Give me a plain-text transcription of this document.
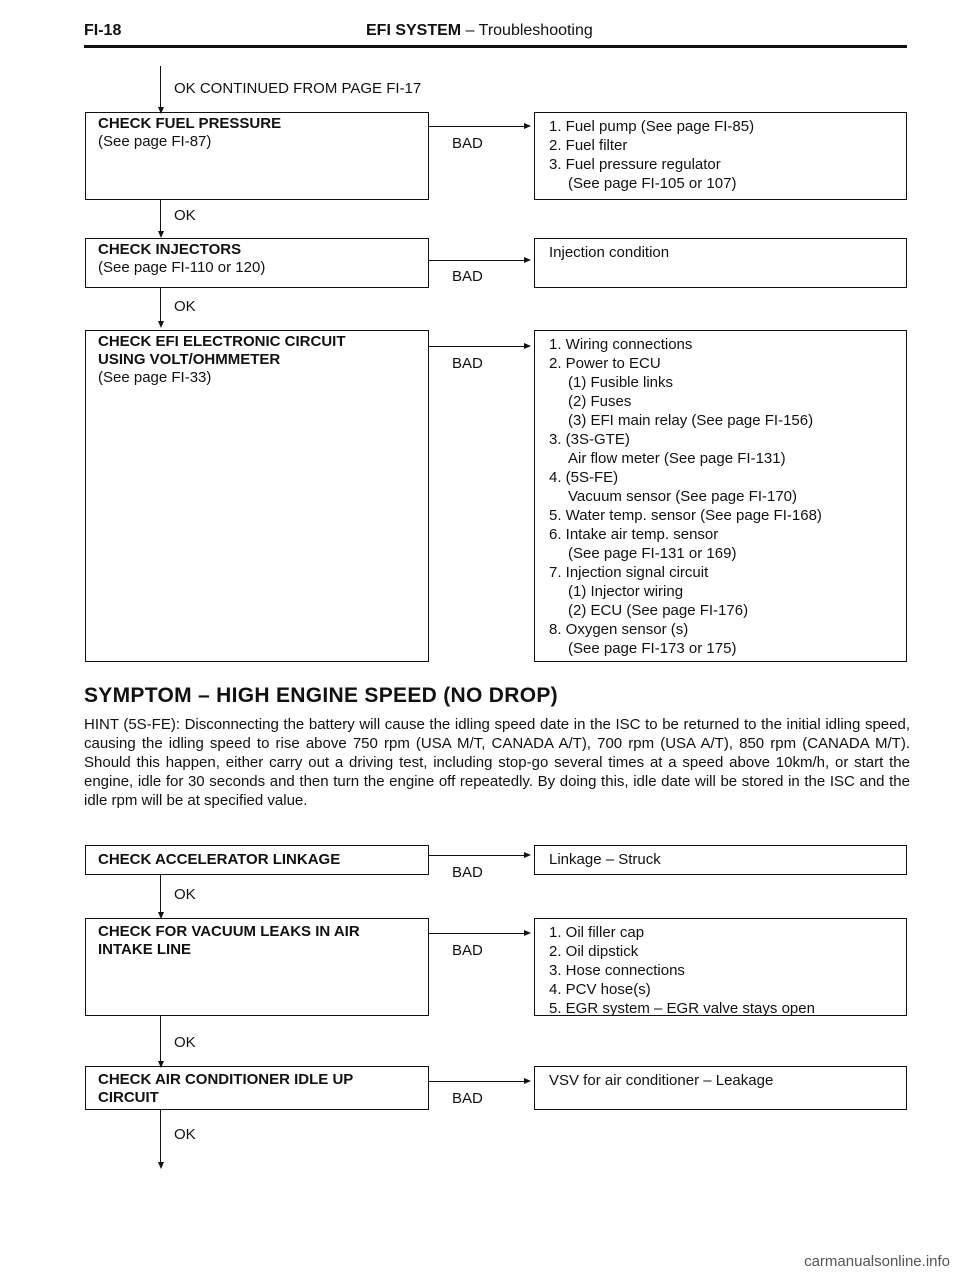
FI-18	EFI SYSTEM – Troubleshooting
OK CONTINUED FROM PAGE FI-17
CHECK FUEL PRESSURE
(See page FI-87)	BAD
1. Fuel pump (See page FI-85)
2. Fuel filter
3. Fuel pressure regulator
(See page FI-105 or 107)
OK
CHECK INJECTORS
(See page FI-110 or 120)
BAD
Injection condition
OK
CHECK EFI ELECTRONIC CIRCUIT
USING VOLT/OHMMETER
(See page FI-33)
BAD
1. Wiring connections
2. Power to ECU
(1) Fusible links
(2) Fuses
(3) EFI main relay (See page FI-156)
3. (3S-GTE)
Air flow meter (See page FI-131)
4. (5S-FE)
Vacuum sensor (See page FI-170)
5. Water temp. sensor (See page FI-168)
6. Intake air temp. sensor
(See page FI-131 or 169)
7. Injection signal circuit
(1) Injector wiring
(2) ECU (See page FI-176)
8. Oxygen sensor (s)
(See page FI-173 or 175)
SYMPTOM – HIGH ENGINE SPEED (NO DROP)
HINT (5S-FE): Disconnecting the battery will cause the idling speed date in the ISC to be returned to the initial idling speed, causing the idling speed to rise above 750 rpm (USA M/T, CANADA A/T), 700 rpm (USA A/T), 850 rpm (CANADA M/T). Should this happen, either carry out a driving test, including stop-go several times at a speed above 10km/h, or start the engine, idle for 30 seconds and then turn the engine off repeatedly. By doing this, idle date will be stored in the ISC and the idle rpm will be at specified value.
CHECK ACCELERATOR LINKAGE
BAD
Linkage – Struck
OK
CHECK FOR VACUUM LEAKS IN AIR
INTAKE LINE	BAD
1. Oil filler cap
2. Oil dipstick
3. Hose connections
4. PCV hose(s)
5. EGR system – EGR valve stays open
OK
CHECK AIR CONDITIONER IDLE UP
CIRCUIT	BAD
VSV for air conditioner – Leakage
OK
carmanualsonline.info
